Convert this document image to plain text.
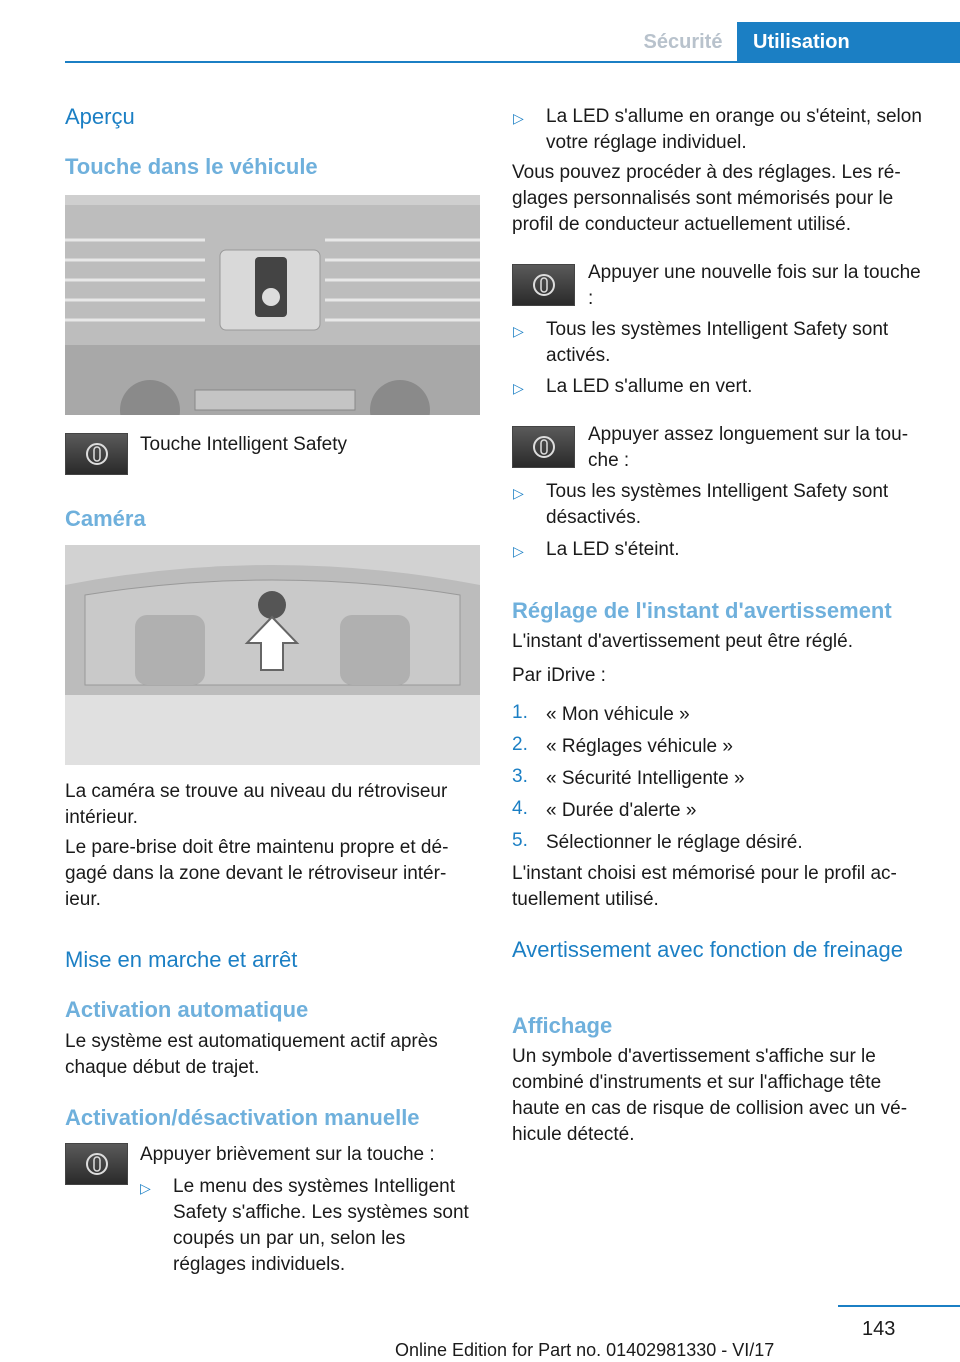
Sécurité	Utilisation
Aperçu
Touche dans le véhicule
Touche Intelligent Safety
Caméra
La caméra se trouve au niveau du rétroviseur intérieur.
Le pare-brise doit être maintenu propre et dégagé dans la zone devant le rétroviseur intérieur.
Mise en marche et arrêt
Activation automatique
Le système est automatiquement actif après chaque début de trajet.
Activation/désactivation manuelle
Appuyer brièvement sur la touche :
▷ Le menu des systèmes Intelligent Safety s'affiche. Les systèmes sont coupés un par un, selon les réglages individuels.
▷ La LED s'allume en orange ou s'éteint, selon votre réglage individuel.
Vous pouvez procéder à des réglages. Les réglages personnalisés sont mémorisés pour le profil de conducteur actuellement utilisé.
Appuyer une nouvelle fois sur la touche :
▷ Tous les systèmes Intelligent Safety sont activés.
▷ La LED s'allume en vert.
Appuyer assez longuement sur la touche :
▷ Tous les systèmes Intelligent Safety sont désactivés.
▷ La LED s'éteint.
Réglage de l'instant d'avertissement
L'instant d'avertissement peut être réglé.
Par iDrive :
1. « Mon véhicule »
2. « Réglages véhicule »
3. « Sécurité Intelligente »
4. « Durée d'alerte »
5. Sélectionner le réglage désiré.
L'instant choisi est mémorisé pour le profil actuellement utilisé.
Avertissement avec fonction de freinage
Affichage
Un symbole d'avertissement s'affiche sur le combiné d'instruments et sur l'affichage tête haute en cas de risque de collision avec un véhicule détecté.
143
Online Edition for Part no. 01402981330 - VI/17
